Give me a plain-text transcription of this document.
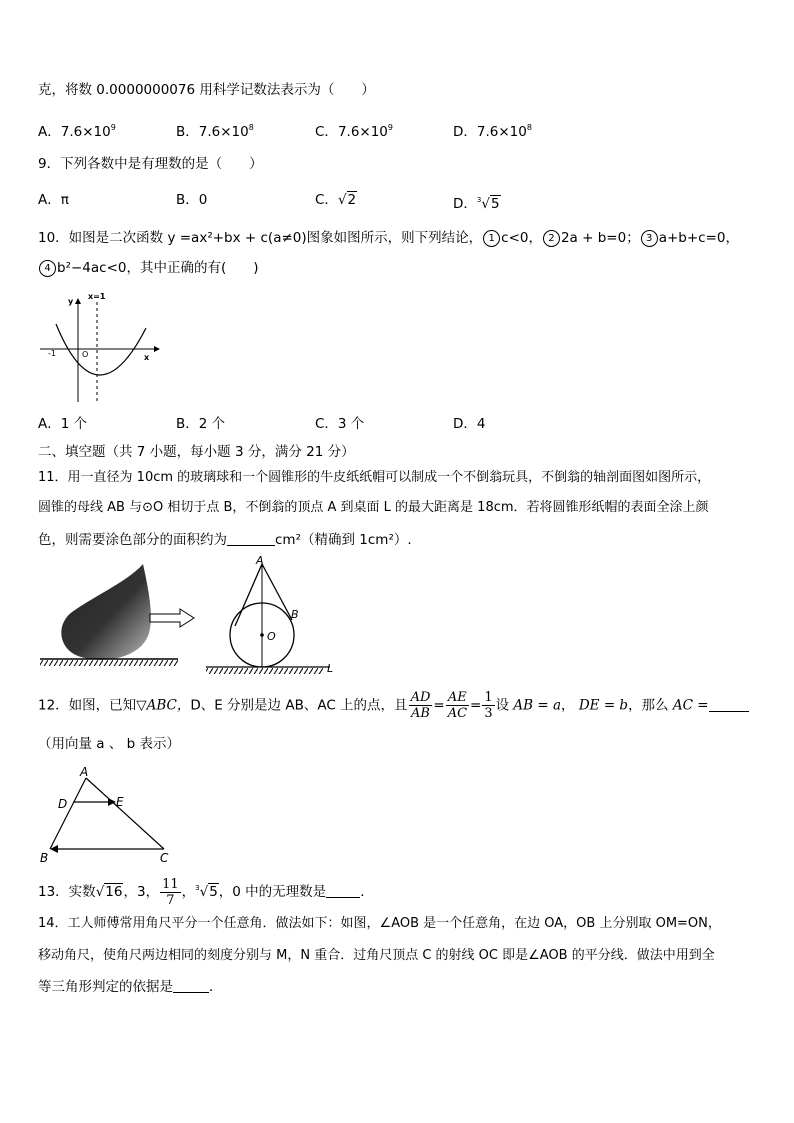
克，将数 0.0000000076 用科学记数法表示为（　　）
A．$7.6\times 10^9$	B．$7.6\times 10^8$	C．$7.6\times 10^9$	D．$7.6\times 10^8$
9．下列各数中是有理数的是（　　）
A．π	B．0	C．√2	D．$^3$√5
10．如图是二次函数 y =ax²+bx + c(a≠0)图象如图所示，则下列结论， 1 c<0， 2 2a + b=0； 3 a+b+c=0，
4 b²−4ac<0，其中正确的有(　　)
x=1
y
x
O
-1
A．1 个	B．2 个	C．3 个	D．4
二、填空题（共 7 小题，每小题 3 分，满分 21 分）
11．用一直径为 10cm 的玻璃球和一个圆锥形的牛皮纸纸帽可以制成一个不倒翁玩具，不倒翁的轴剖面图如图所示，
圆锥的母线 AB 与⊙O 相切于点 B，不倒翁的顶点 A 到桌面 L 的最大距离是 18cm．若将圆锥形纸帽的表面全涂上颜
色，则需要涂色部分的面积约为	cm²（精确到 1cm²）.
A
B
O
L
12．如图，已知▽ABC，D、E 分别是边 AB、AC 上的点，且 $\frac{AD}{AB} = \frac{AE}{AC} = \frac{1}{3}$ 设 AB = a， DE = b，那么 AC =
（用向量 a 、 b 表示）
A
D	E
B	C
13．实数√16，3， $\frac{11}{7}$ ，$^3$√5，0 中的无理数是	．
14．工人师傅常用角尺平分一个任意角．做法如下：如图，∠AOB 是一个任意角，在边 OA，OB 上分别取 OM=ON，
移动角尺，使角尺两边相同的刻度分别与 M，N 重合．过角尺顶点 C 的射线 OC 即是∠AOB 的平分线．做法中用到全
等三角形判定的依据是	．
